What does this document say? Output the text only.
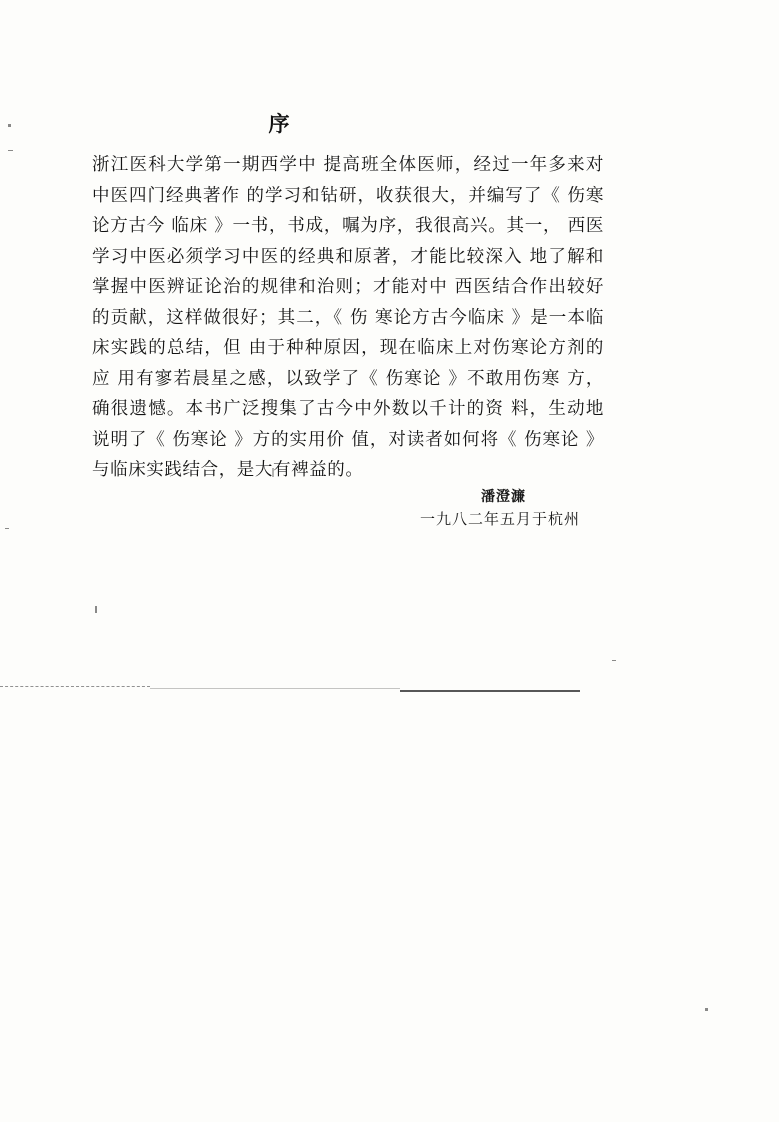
序

浙江医科大学第一期西学中 提高班全体医师，经过一年多来对中医四门经典著作 的学习和钻研，收获很大，并编写了《 伤寒论方古今 临床 》一书，书成，嘱为序，我很高兴。其一， 西医 学习中医必须学习中医的经典和原著，才能比较深入 地了解和掌握中医辨证论治的规律和治则；才能对中 西医结合作出较好的贡献，这样做很好；其二，《 伤 寒论方古今临床 》是一本临床实践的总结，但 由于种种原因，现在临床上对伤寒论方剂的应 用有寥若晨星之感，以致学了《 伤寒论 》不敢用伤寒 方，确很遗憾。本书广泛搜集了古今中外数以千计的资 料，生动地说明了《 伤寒论 》方的实用价 值，对读者如何将《 伤寒论 》与临床实践结合，是大有裨益的。

潘澄濂
一九八二年五月于杭州
